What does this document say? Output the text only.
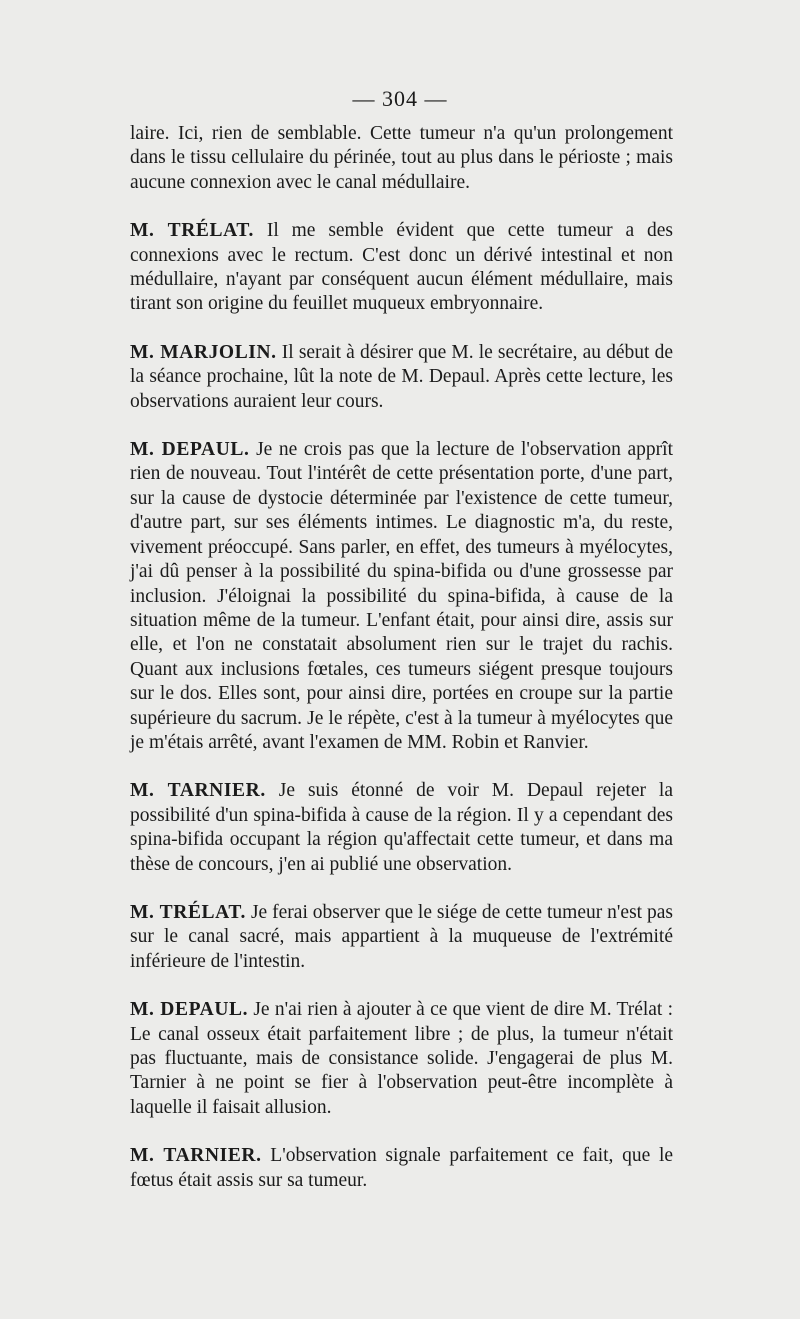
— 304 —

laire. Ici, rien de semblable. Cette tumeur n'a qu'un prolongement dans le tissu cellulaire du périnée, tout au plus dans le périoste ; mais aucune connexion avec le canal médullaire.

M. TRÉLAT. Il me semble évident que cette tumeur a des connexions avec le rectum. C'est donc un dérivé intestinal et non médullaire, n'ayant par conséquent aucun élément médullaire, mais tirant son origine du feuillet muqueux embryonnaire.

M. MARJOLIN. Il serait à désirer que M. le secrétaire, au début de la séance prochaine, lût la note de M. Depaul. Après cette lecture, les observations auraient leur cours.

M. DEPAUL. Je ne crois pas que la lecture de l'observation apprît rien de nouveau. Tout l'intérêt de cette présentation porte, d'une part, sur la cause de dystocie déterminée par l'existence de cette tumeur, d'autre part, sur ses éléments intimes. Le diagnostic m'a, du reste, vivement préoccupé. Sans parler, en effet, des tumeurs à myélocytes, j'ai dû penser à la possibilité du spina-bifida ou d'une grossesse par inclusion. J'éloignai la possibilité du spina-bifida, à cause de la situation même de la tumeur. L'enfant était, pour ainsi dire, assis sur elle, et l'on ne constatait absolument rien sur le trajet du rachis. Quant aux inclusions fœtales, ces tumeurs siégent presque toujours sur le dos. Elles sont, pour ainsi dire, portées en croupe sur la partie supérieure du sacrum. Je le répète, c'est à la tumeur à myélocytes que je m'étais arrêté, avant l'examen de MM. Robin et Ranvier.

M. TARNIER. Je suis étonné de voir M. Depaul rejeter la possibilité d'un spina-bifida à cause de la région. Il y a cependant des spina-bifida occupant la région qu'affectait cette tumeur, et dans ma thèse de concours, j'en ai publié une observation.

M. TRÉLAT. Je ferai observer que le siége de cette tumeur n'est pas sur le canal sacré, mais appartient à la muqueuse de l'extrémité inférieure de l'intestin.

M. DEPAUL. Je n'ai rien à ajouter à ce que vient de dire M. Trélat : Le canal osseux était parfaitement libre ; de plus, la tumeur n'était pas fluctuante, mais de consistance solide. J'engagerai de plus M. Tarnier à ne point se fier à l'observation peut-être incomplète à laquelle il faisait allusion.

M. TARNIER. L'observation signale parfaitement ce fait, que le fœtus était assis sur sa tumeur.
